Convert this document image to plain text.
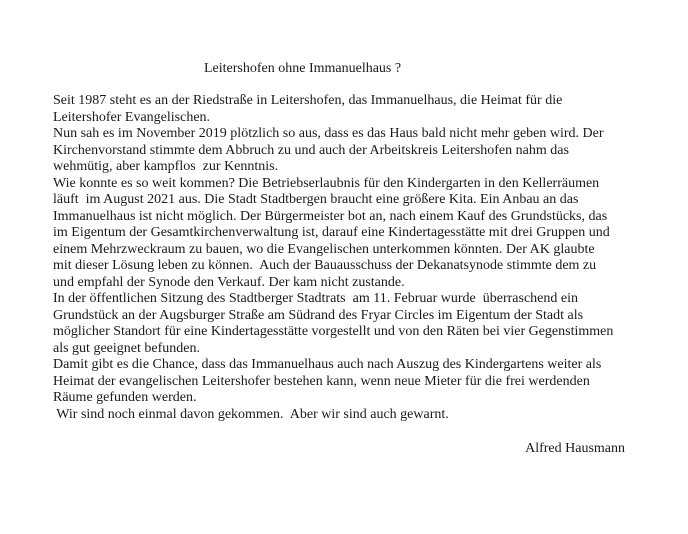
Leitershofen ohne Immanuelhaus ?
Seit 1987 steht es an der Riedstraße in Leitershofen, das Immanuelhaus, die Heimat für die
Leitershofer Evangelischen.
Nun sah es im November 2019 plötzlich so aus, dass es das Haus bald nicht mehr geben wird. Der
Kirchenvorstand stimmte dem Abbruch zu und auch der Arbeitskreis Leitershofen nahm das
wehmütig, aber kampflos  zur Kenntnis.
Wie konnte es so weit kommen? Die Betriebserlaubnis für den Kindergarten in den Kellerräumen
läuft  im August 2021 aus. Die Stadt Stadtbergen braucht eine größere Kita. Ein Anbau an das
Immanuelhaus ist nicht möglich. Der Bürgermeister bot an, nach einem Kauf des Grundstücks, das
im Eigentum der Gesamtkirchenverwaltung ist, darauf eine Kindertagesstätte mit drei Gruppen und
einem Mehrzweckraum zu bauen, wo die Evangelischen unterkommen könnten. Der AK glaubte
mit dieser Lösung leben zu können.  Auch der Bauausschuss der Dekanatsynode stimmte dem zu
und empfahl der Synode den Verkauf. Der kam nicht zustande.
In der öffentlichen Sitzung des Stadtberger Stadtrats  am 11. Februar wurde  überraschend ein
Grundstück an der Augsburger Straße am Südrand des Fryar Circles im Eigentum der Stadt als
möglicher Standort für eine Kindertagesstätte vorgestellt und von den Räten bei vier Gegenstimmen
als gut geeignet befunden.
Damit gibt es die Chance, dass das Immanuelhaus auch nach Auszug des Kindergartens weiter als
Heimat der evangelischen Leitershofer bestehen kann, wenn neue Mieter für die frei werdenden
Räume gefunden werden.
Wir sind noch einmal davon gekommen.  Aber wir sind auch gewarnt.
Alfred Hausmann
